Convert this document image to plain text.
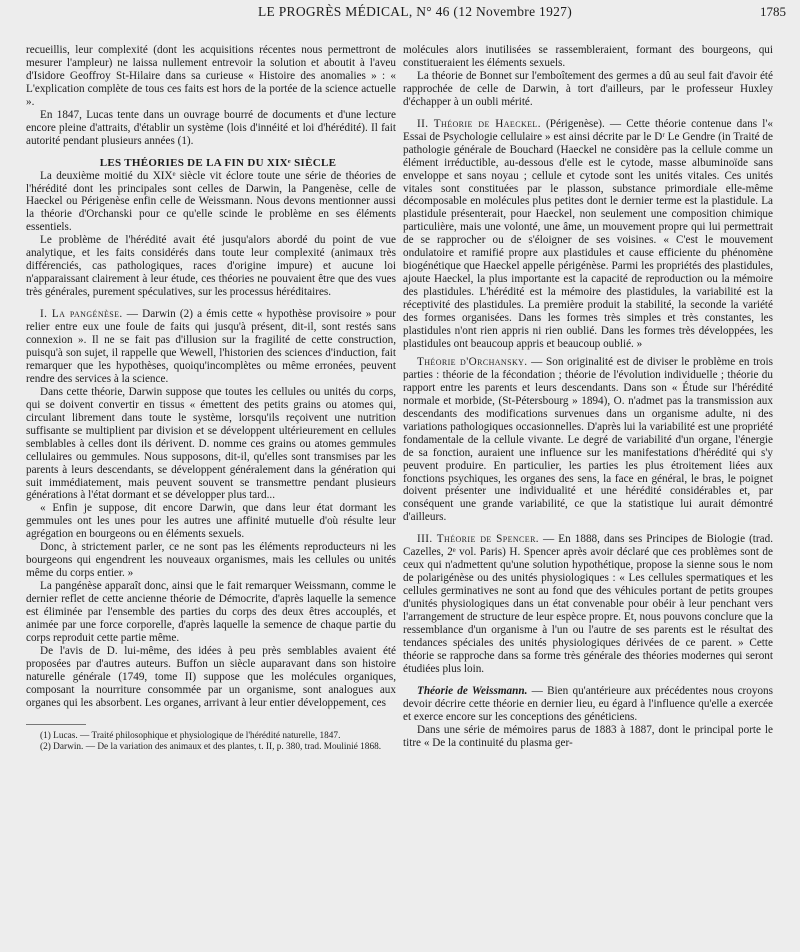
LE PROGRÈS MÉDICAL, N° 46 (12 Novembre 1927)	1785

recueillis, leur complexité (dont les acquisitions récentes nous permettront de mesurer l'ampleur) ne laissa nullement entrevoir la solution et aboutit à l'aveu d'Isidore Geoffroy St-Hilaire dans sa curieuse « Histoire des anomalies » : « L'explication complète de tous ces faits est hors de la portée de la science actuelle ».

En 1847, Lucas tente dans un ouvrage bourré de documents et d'une lecture encore pleine d'attraits, d'établir un système (lois d'innéité et loi d'hérédité). Il fait autorité pendant plusieurs années (1).

LES THÉORIES DE LA FIN DU XIXᵉ SIÈCLE

La deuxième moitié du XIXᵉ siècle vit éclore toute une série de théories de l'hérédité dont les principales sont celles de Darwin, la Pangenèse, celle de Haeckel ou Périgenèse enfin celle de Weissmann. Nous devons mentionner aussi la théorie d'Orchanski pour ce qu'elle scinde le problème en ses éléments essentiels.

Le problème de l'hérédité avait été jusqu'alors abordé du point de vue analytique, et les faits considérés dans toute leur complexité (animaux très différenciés, cas pathologiques, races d'origine impure) et aucune loi n'apparaissant clairement à leur étude, ces théories ne pouvaient être que des vues très générales, purement spéculatives, sur les processus héréditaires.

I. La pangénèse. — Darwin (2) a émis cette « hypothèse provisoire » pour relier entre eux une foule de faits qui jusqu'à présent, dit-il, sont restés sans connexion ». Il ne se fait pas d'illusion sur la fragilité de cette construction, puisqu'à son sujet, il rappelle que Wewell, l'historien des sciences d'induction, fait remarquer que les hypothèses, quoiqu'incomplètes ou même erronées, peuvent rendre des services à la science.

Dans cette théorie, Darwin suppose que toutes les cellules ou unités du corps, qui se doivent convertir en tissus « émettent des petits grains ou atomes qui, circulant librement dans toute le système, lorsqu'ils reçoivent une nutrition suffisante se multiplient par division et se développent ultérieurement en cellules semblables à celles dont ils dérivent. D. nomme ces grains ou atomes gemmules cellulaires ou gemmules. Nous supposons, dit-il, qu'elles sont transmises par les parents à leurs descendants, se développent généralement dans la génération qui suit immédiatement, mais peuvent souvent se transmettre pendant plusieurs générations à l'état dormant et se développer plus tard...

« Enfin je suppose, dit encore Darwin, que dans leur état dormant les gemmules ont les unes pour les autres une affinité mutuelle d'où résulte leur agrégation en bourgeons ou en éléments sexuels.

Donc, à strictement parler, ce ne sont pas les éléments reproducteurs ni les bourgeons qui engendrent les nouveaux organismes, mais les cellules ou unités même du corps entier. »

La pangénèse apparaît donc, ainsi que le fait remarquer Weissmann, comme le dernier reflet de cette ancienne théorie de Démocrite, d'après laquelle la semence est éliminée par l'ensemble des parties du corps des deux êtres accouplés, et animée par une force corporelle, d'après laquelle la semence de chaque partie du corps reproduit cette partie même.

De l'avis de D. lui-même, des idées à peu près semblables avaient été proposées par d'autres auteurs. Buffon un siècle auparavant dans son histoire naturelle générale (1749, tome II) suppose que les molécules organiques, composant la nourriture consommée par un organisme, sont analogues aux organes qui les absorbent. Les organes, arrivant à leur entier développement, ces

(1) Lucas. — Traité philosophique et physiologique de l'hérédité naturelle, 1847.

(2) Darwin. — De la variation des animaux et des plantes, t. II, p. 380, trad. Moulinié 1868.

molécules alors inutilisées se rassembleraient, formant des bourgeons, qui constitueraient les éléments sexuels.

La théorie de Bonnet sur l'emboîtement des germes a dû au seul fait d'avoir été rapprochée de celle de Darwin, à tort d'ailleurs, par le professeur Huxley d'échapper à un oubli mérité.

II. Théorie de Haeckel. (Périgenèse). — Cette théorie contenue dans l'« Essai de Psychologie cellulaire » est ainsi décrite par le Dʳ Le Gendre (in Traité de pathologie générale de Bouchard (Haeckel ne considère pas la cellule comme un élément irréductible, au-dessous d'elle est le cytode, masse albuminoïde sans enveloppe et sans noyau ; cellule et cytode sont les unités vitales. Ces unités vitales sont constituées par le plasson, substance primordiale elle-même décomposable en molécules plus petites dont le dernier terme est la plastidule. La plastidule présenterait, pour Haeckel, non seulement une composition chimique particulière, mais une volonté, une âme, un mouvement propre qui lui permettrait de se rapprocher ou de s'éloigner de ses voisines. « C'est le mouvement ondulatoire et ramifié propre aux plastidules et cause efficiente du phénomène biogénétique que Haeckel appelle périgénèse. Parmi les propriétés des plastidules, ajoute Haeckel, la plus importante est la capacité de reproduction ou la mémoire des plastidules. L'hérédité est la mémoire des plastidules, la variabilité est la réceptivité des plastidules. La première produit la stabilité, la seconde la variété des formes organisées. Dans les formes très simples et très constantes, les plastidules n'ont rien appris ni rien oublié. Dans les formes très développées, les plastidules ont beaucoup appris et beaucoup oublié. »

Théorie d'Orchansky. — Son originalité est de diviser le problème en trois parties : théorie de la fécondation ; théorie de l'évolution individuelle ; théorie du rapport entre les parents et leurs descendants. Dans son « Étude sur l'hérédité normale et morbide, (St-Pétersbourg » 1894), O. n'admet pas la transmission aux descendants des modifications survenues dans un organisme adulte, ni des variations pathologiques occasionnelles. D'après lui la variabilité est une propriété fondamentale de la cellule vivante. Le degré de variabilité d'un organe, l'énergie de sa fonction, auraient une influence sur les manifestations d'hérédité qui s'y peuvent produire. En particulier, les parties les plus étroitement liées aux fonctions psychiques, les organes des sens, la face en général, le bras, le poignet doivent présenter une individualité et une hérédité considérables et, par conséquent une grande variabilité, ce que la statistique lui aurait démontré d'ailleurs.

III. Théorie de Spencer. — En 1888, dans ses Principes de Biologie (trad. Cazelles, 2ᵉ vol. Paris) H. Spencer après avoir déclaré que ces problèmes sont de ceux qui n'admettent qu'une solution hypothétique, propose la sienne sous le nom de polarigénèse ou des unités physiologiques : « Les cellules spermatiques et les cellules germinatives ne sont au fond que des véhicules portant de petits groupes d'unités physiologiques dans un état convenable pour obéir à leur penchant vers l'arrangement de structure de leur espèce propre. Et, nous pouvons conclure que la ressemblance d'un organisme à l'un ou l'autre de ses parents est le résultat des tendances spéciales des unités physiologiques dérivées de ce parent. » Cette théorie se rapproche dans sa forme très générale des théories modernes qui seront étudiées plus loin.

Théorie de Weissmann. — Bien qu'antérieure aux précédentes nous croyons devoir décrire cette théorie en dernier lieu, eu égard à l'influence qu'elle a exercée et exerce encore sur les conceptions des généticiens.

Dans une série de mémoires parus de 1883 à 1887, dont le principal porte le titre « De la continuité du plasma ger-
